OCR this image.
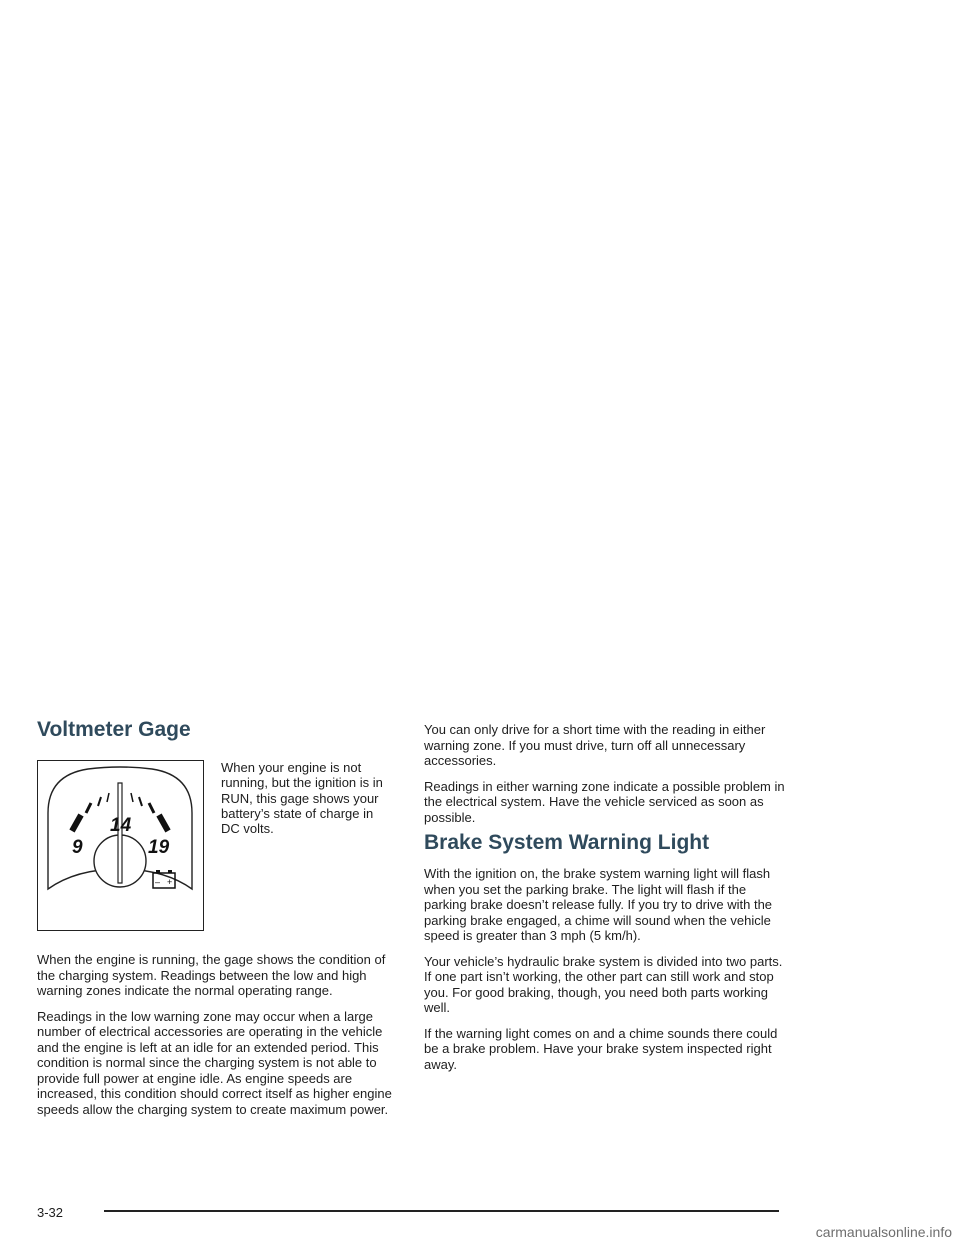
Voltmeter Gage
9
14
19
– +

When your engine is not running, but the ignition is in RUN, this gage shows your battery’s state of charge in DC volts.

When the engine is running, the gage shows the condition of the charging system. Readings between the low and high warning zones indicate the normal operating range.

Readings in the low warning zone may occur when a large number of electrical accessories are operating in the vehicle and the engine is left at an idle for an extended period. This condition is normal since the charging system is not able to provide full power at engine idle. As engine speeds are increased, this condition should correct itself as higher engine speeds allow the charging system to create maximum power.

You can only drive for a short time with the reading in either warning zone. If you must drive, turn off all unnecessary accessories.

Readings in either warning zone indicate a possible problem in the electrical system. Have the vehicle serviced as soon as possible.

Brake System Warning Light

With the ignition on, the brake system warning light will flash when you set the parking brake. The light will flash if the parking brake doesn’t release fully. If you try to drive with the parking brake engaged, a chime will sound when the vehicle speed is greater than 3 mph (5 km/h).

Your vehicle’s hydraulic brake system is divided into two parts. If one part isn’t working, the other part can still work and stop you. For good braking, though, you need both parts working well.

If the warning light comes on and a chime sounds there could be a brake problem. Have your brake system inspected right away.

3-32

carmanualsonline.info
